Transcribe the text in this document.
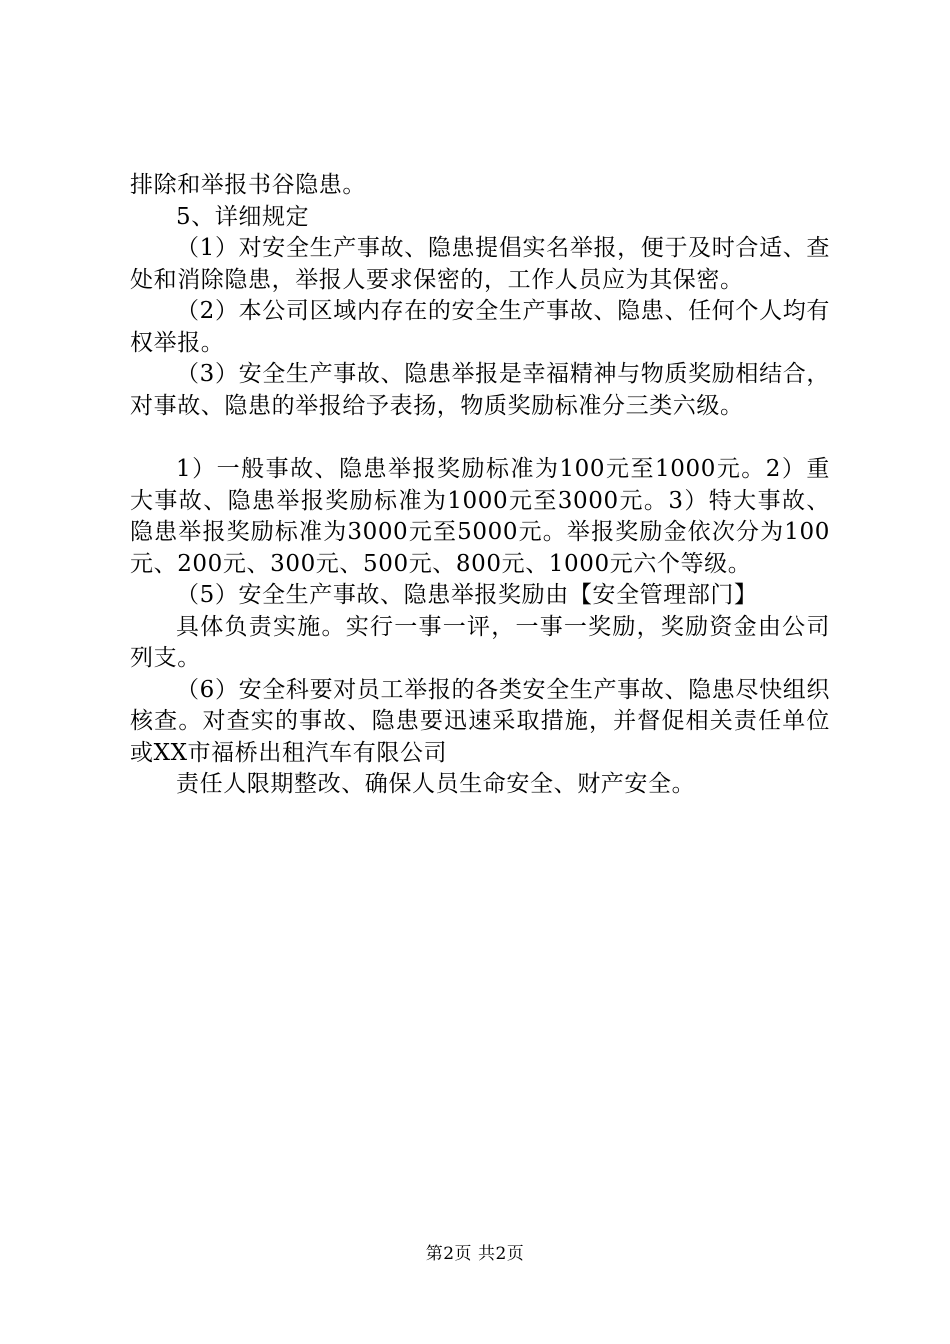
排除和举报书谷隐患。

5、详细规定

（1）对安全生产事故、隐患提倡实名举报，便于及时合适、查处和消除隐患，举报人要求保密的，工作人员应为其保密。

（2）本公司区域内存在的安全生产事故、隐患、任何个人均有权举报。

（3）安全生产事故、隐患举报是幸福精神与物质奖励相结合，对事故、隐患的举报给予表扬，物质奖励标准分三类六级。

1）一般事故、隐患举报奖励标准为100元至1000元。2）重大事故、隐患举报奖励标准为1000元至3000元。3）特大事故、隐患举报奖励标准为3000元至5000元。举报奖励金依次分为100元、200元、300元、500元、800元、1000元六个等级。

（5）安全生产事故、隐患举报奖励由【安全管理部门】

具体负责实施。实行一事一评，一事一奖励，奖励资金由公司列支。

（6）安全科要对员工举报的各类安全生产事故、隐患尽快组织核查。对查实的事故、隐患要迅速采取措施，并督促相关责任单位或XX市福桥出租汽车有限公司

责任人限期整改、确保人员生命安全、财产安全。

第2页 共2页
